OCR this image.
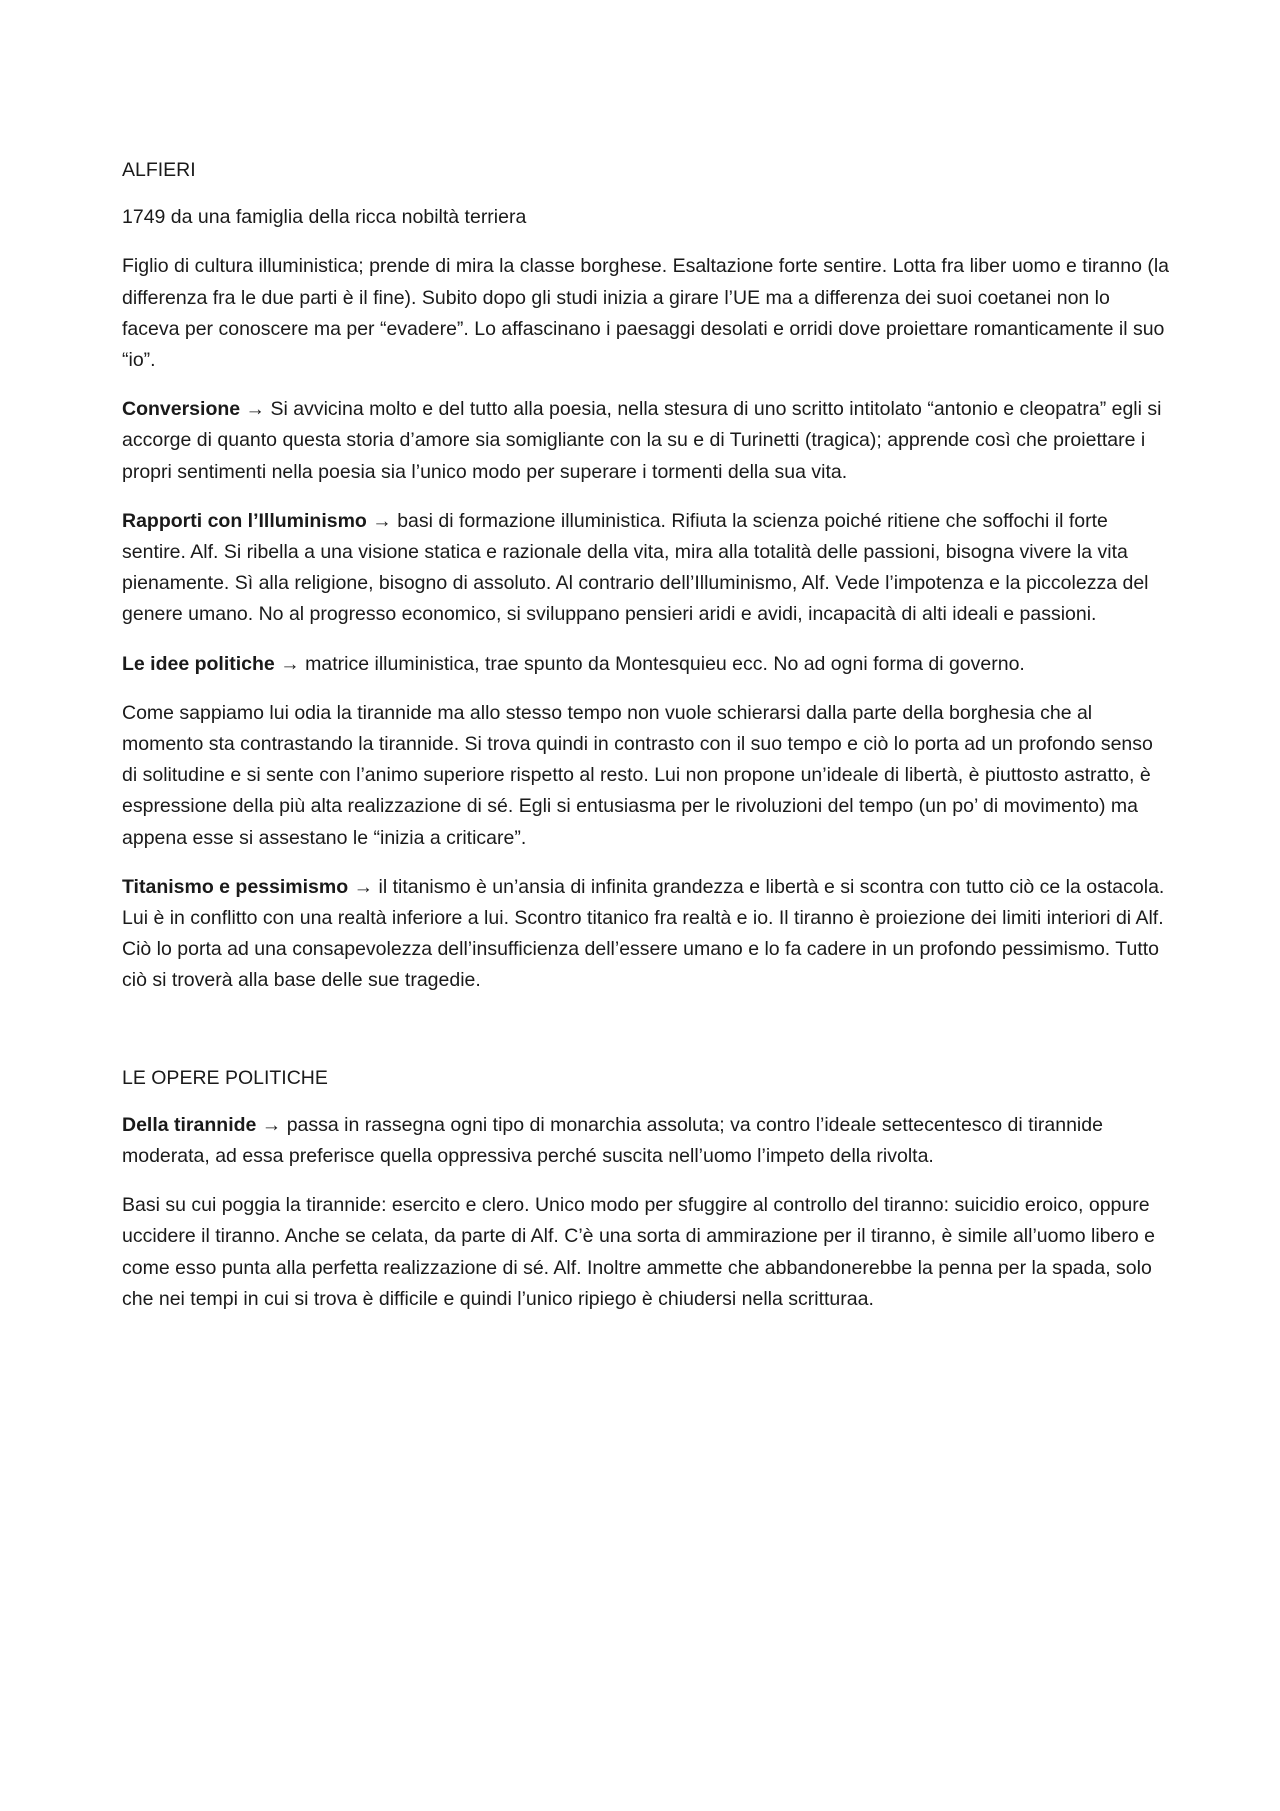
ALFIERI

1749 da una famiglia della ricca nobiltà terriera

Figlio di cultura illuministica; prende di mira la classe borghese. Esaltazione forte sentire. Lotta fra liber uomo e tiranno (la differenza fra le due parti è il fine). Subito dopo gli studi inizia a girare l’UE ma a differenza dei suoi coetanei non lo faceva per conoscere ma per “evadere”. Lo affascinano i paesaggi desolati e orridi dove proiettare romanticamente il suo “io”.

Conversione → Si avvicina molto e del tutto alla poesia, nella stesura di uno scritto intitolato “antonio e cleopatra” egli si accorge di quanto questa storia d’amore sia somigliante con la su e di Turinetti (tragica); apprende così che proiettare i propri sentimenti nella poesia sia l’unico modo per superare i tormenti della sua vita.

Rapporti con l’Illuminismo → basi di formazione illuministica. Rifiuta la scienza poiché ritiene che soffochi il forte sentire. Alf. Si ribella a una visione statica e razionale della vita, mira alla totalità delle passioni, bisogna vivere la vita pienamente. Sì alla religione, bisogno di assoluto. Al contrario dell’Illuminismo, Alf. Vede l’impotenza e la piccolezza del genere umano. No al progresso economico, si sviluppano pensieri aridi e avidi, incapacità di alti ideali e passioni.

Le idee politiche → matrice illuministica, trae spunto da Montesquieu ecc. No ad ogni forma di governo.

Come sappiamo lui odia la tirannide ma allo stesso tempo non vuole schierarsi dalla parte della borghesia che al momento sta contrastando la tirannide. Si trova quindi in contrasto con il suo tempo e ciò lo porta ad un profondo senso di solitudine e si sente con l’animo superiore rispetto al resto. Lui non propone un’ideale di libertà, è piuttosto astratto, è espressione della più alta realizzazione di sé. Egli si entusiasma per le rivoluzioni del tempo (un po’ di movimento) ma appena esse si assestano le “inizia a criticare”.

Titanismo e pessimismo → il titanismo è un’ansia di infinita grandezza e libertà e si scontra con tutto ciò ce la ostacola. Lui è in conflitto con una realtà inferiore a lui. Scontro titanico fra realtà e io. Il tiranno è proiezione dei limiti interiori di Alf. Ciò lo porta ad una consapevolezza dell’insufficienza dell’essere umano e lo fa cadere in un profondo pessimismo. Tutto ciò si troverà alla base delle sue tragedie.

LE OPERE POLITICHE

Della tirannide → passa in rassegna ogni tipo di monarchia assoluta; va contro l’ideale settecentesco di tirannide moderata, ad essa preferisce quella oppressiva perché suscita nell’uomo l’impeto della rivolta.

Basi su cui poggia la tirannide: esercito e clero. Unico modo per sfuggire al controllo del tiranno: suicidio eroico, oppure uccidere il tiranno. Anche se celata, da parte di Alf. C’è una sorta di ammirazione per il tiranno, è simile all’uomo libero e come esso punta alla perfetta realizzazione di sé. Alf. Inoltre ammette che abbandonerebbe la penna per la spada, solo che nei tempi in cui si trova è difficile e quindi l’unico ripiego è chiudersi nella scritturaa.
